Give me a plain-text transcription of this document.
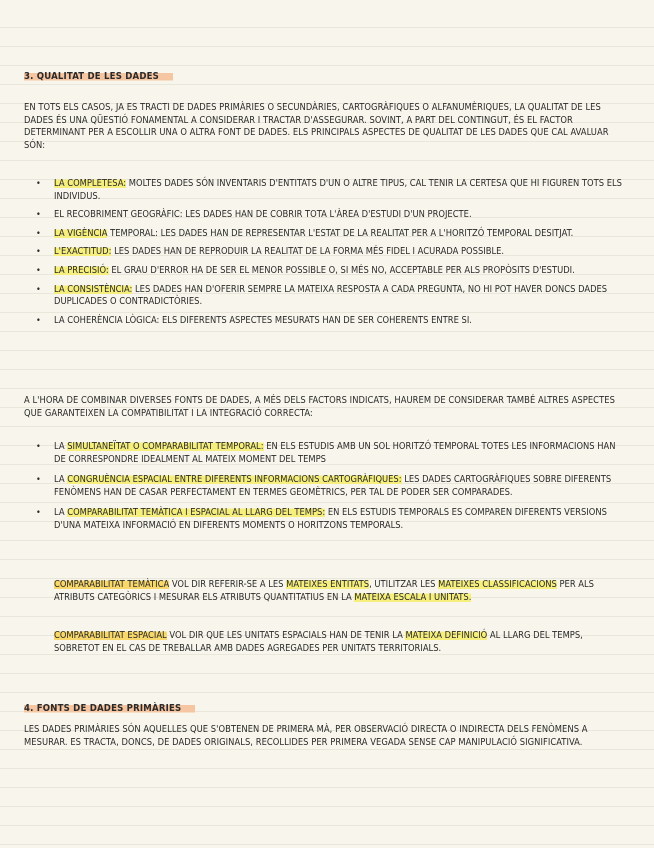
3. QUALITAT DE LES DADES

EN TOTS ELS CASOS, JA ES TRACTI DE DADES PRIMÀRIES O SECUNDÀRIES, CARTOGRÀFIQUES O ALFANUMÈRIQUES, LA QUALITAT DE LES DADES ÉS UNA QÜESTIÓ FONAMENTAL A CONSIDERAR I TRACTAR D'ASSEGURAR. SOVINT, A PART DEL CONTINGUT, ÉS EL FACTOR DETERMINANT PER A ESCOLLIR UNA O ALTRA FONT DE DADES. ELS PRINCIPALS ASPECTES DE QUALITAT DE LES DADES QUE CAL AVALUAR SÓN:

• LA COMPLETESA: MOLTES DADES SÓN INVENTARIS D'ENTITATS D'UN O ALTRE TIPUS, CAL TENIR LA CERTESA QUE HI FIGUREN TOTS ELS INDIVIDUS.
• EL RECOBRIMENT GEOGRÀFIC: LES DADES HAN DE COBRIR TOTA L'ÀREA D'ESTUDI D'UN PROJECTE.
• LA VIGÈNCIA TEMPORAL: LES DADES HAN DE REPRESENTAR L'ESTAT DE LA REALITAT PER A L'HORITZÓ TEMPORAL DESITJAT.
• L'EXACTITUD: LES DADES HAN DE REPRODUIR LA REALITAT DE LA FORMA MÉS FIDEL I ACURADA POSSIBLE.
• LA PRECISIÓ: EL GRAU D'ERROR HA DE SER EL MENOR POSSIBLE O, SI MÉS NO, ACCEPTABLE PER ALS PROPÒSITS D'ESTUDI.
• LA CONSISTÈNCIA: LES DADES HAN D'OFERIR SEMPRE LA MATEIXA RESPOSTA A CADA PREGUNTA, NO HI POT HAVER DONCS DADES DUPLICADES O CONTRADICTÒRIES.
• LA COHERÈNCIA LÒGICA: ELS DIFERENTS ASPECTES MESURATS HAN DE SER COHERENTS ENTRE SI.

A L'HORA DE COMBINAR DIVERSES FONTS DE DADES, A MÉS DELS FACTORS INDICATS, HAUREM DE CONSIDERAR TAMBÉ ALTRES ASPECTES QUE GARANTEIXEN LA COMPATIBILITAT I LA INTEGRACIÓ CORRECTA:

• LA SIMULTANEÏTAT O COMPARABILITAT TEMPORAL: EN ELS ESTUDIS AMB UN SOL HORITZÓ TEMPORAL TOTES LES INFORMACIONS HAN DE CORRESPONDRE IDEALMENT AL MATEIX MOMENT DEL TEMPS
• LA CONGRUÈNCIA ESPACIAL ENTRE DIFERENTS INFORMACIONS CARTOGRÀFIQUES: LES DADES CARTOGRÀFIQUES SOBRE DIFERENTS FENÒMENS HAN DE CASAR PERFECTAMENT EN TERMES GEOMÈTRICS, PER TAL DE PODER SER COMPARADES.
• LA COMPARABILITAT TEMÀTICA I ESPACIAL AL LLARG DEL TEMPS: EN ELS ESTUDIS TEMPORALS ES COMPAREN DIFERENTS VERSIONS D'UNA MATEIXA INFORMACIÓ EN DIFERENTS MOMENTS O HORITZONS TEMPORALS.

COMPARABILITAT TEMÀTICA VOL DIR REFERIR-SE A LES MATEIXES ENTITATS, UTILITZAR LES MATEIXES CLASSIFICACIONS PER ALS ATRIBUTS CATEGÒRICS I MESURAR ELS ATRIBUTS QUANTITATIUS EN LA MATEIXA ESCALA I UNITATS.

COMPARABILITAT ESPACIAL VOL DIR QUE LES UNITATS ESPACIALS HAN DE TENIR LA MATEIXA DEFINICIÓ AL LLARG DEL TEMPS, SOBRETOT EN EL CAS DE TREBALLAR AMB DADES AGREGADES PER UNITATS TERRITORIALS.

4. FONTS DE DADES PRIMÀRIES

LES DADES PRIMÀRIES SÓN AQUELLES QUE S'OBTENEN DE PRIMERA MÀ, PER OBSERVACIÓ DIRECTA O INDIRECTA DELS FENÒMENS A MESURAR. ES TRACTA, DONCS, DE DADES ORIGINALS, RECOLLIDES PER PRIMERA VEGADA SENSE CAP MANIPULACIÓ SIGNIFICATIVA.
